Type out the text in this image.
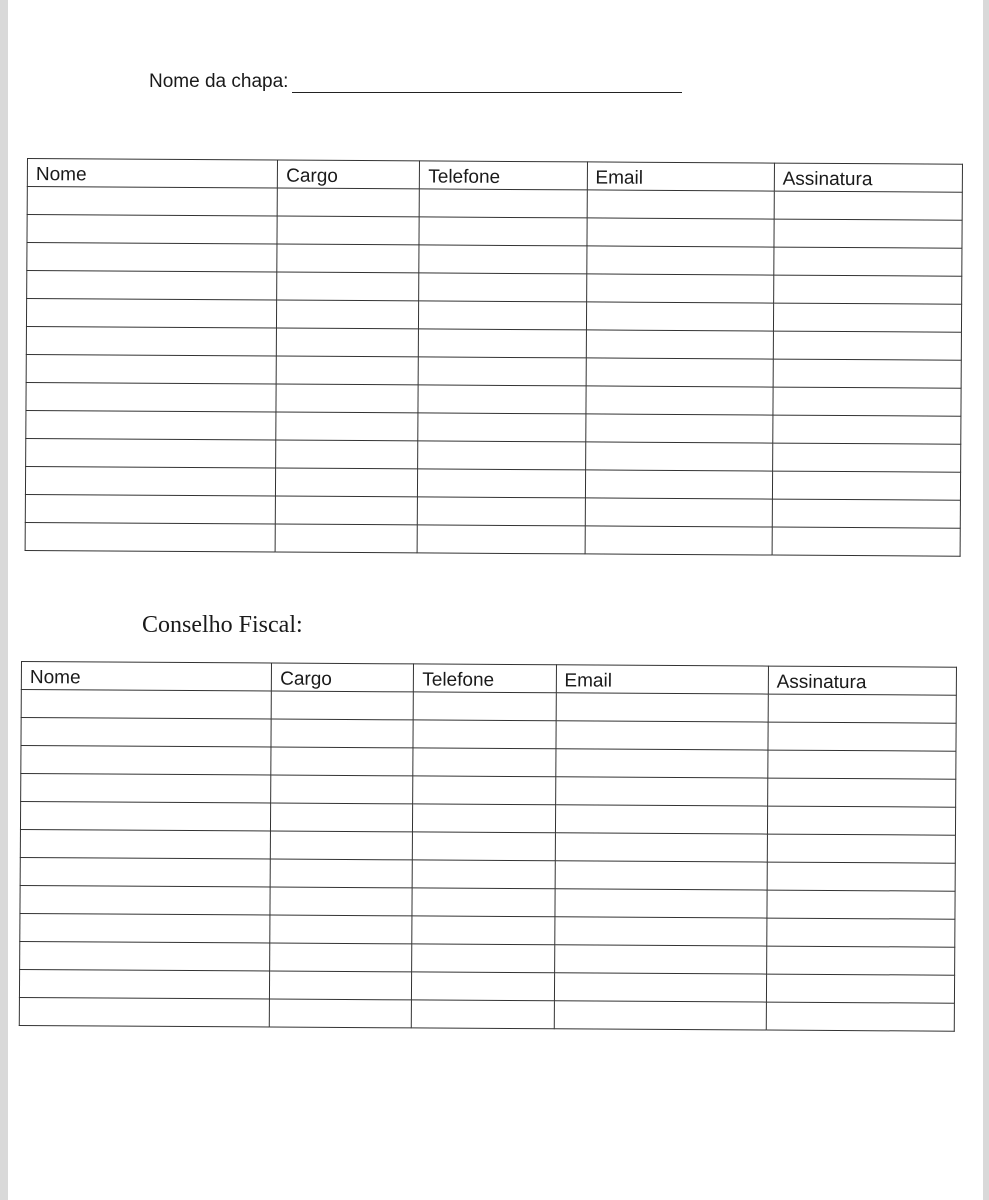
Nome da chapa:
Nome	Cargo	Telefone	Email	Assinatura

Conselho Fiscal:
Nome	Cargo	Telefone	Email	Assinatura
